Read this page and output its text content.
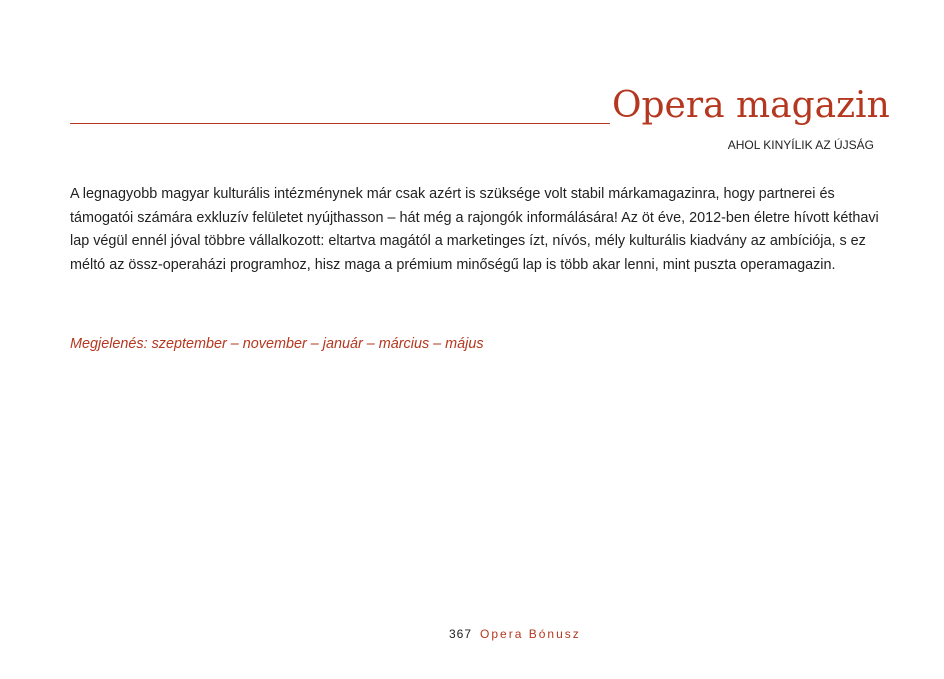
Opera magazin
AHOL KINYÍLIK AZ ÚJSÁG

A legnagyobb magyar kulturális intézménynek már csak azért is szüksége volt stabil márkamagazinra, hogy partnerei és támogatói számára exkluzív felületet nyújthasson – hát még a rajongók informálására! Az öt éve, 2012-ben életre hívott kéthavi lap végül ennél jóval többre vállalkozott: eltartva magától a marketinges ízt, nívós, mély kulturális kiadvány az ambíciója, s ez méltó az össz-operaházi programhoz, hisz maga a prémium minőségű lap is több akar lenni, mint puszta operamagazin.

Megjelenés: szeptember – november – január – március – május

367 Opera Bónusz
